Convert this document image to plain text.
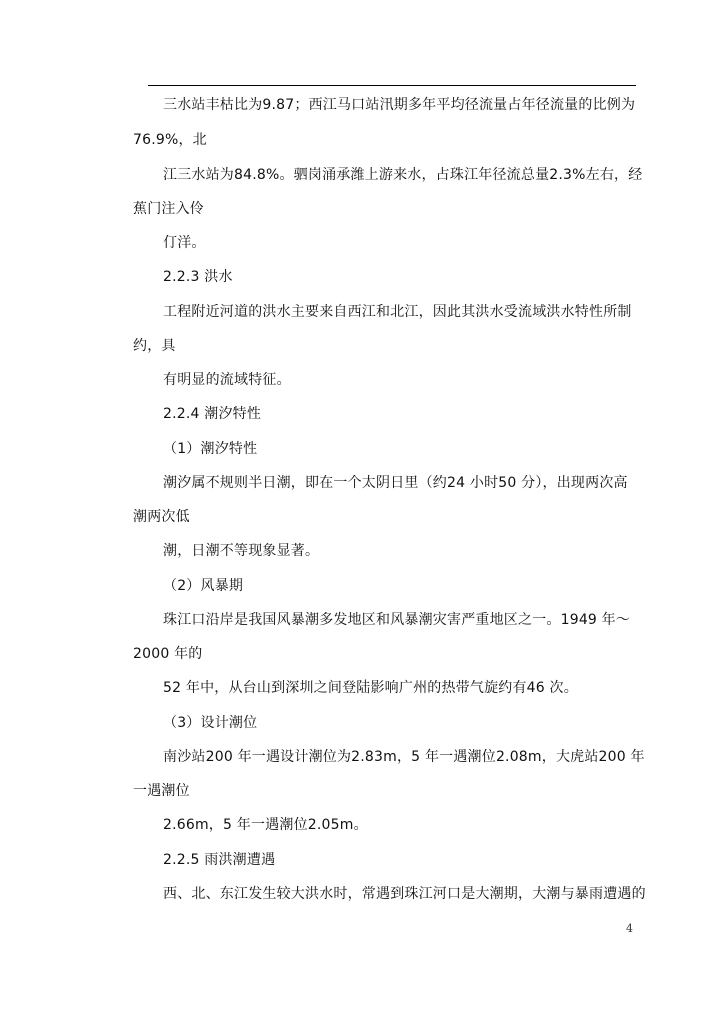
三水站丰枯比为9.87；西江马口站汛期多年平均径流量占年径流量的比例为
76.9%，北
江三水站为84.8%。驷岗涌承潍上游来水，占珠江年径流总量2.3%左右，经
蕉门注入伶
仃洋。
2.2.3 洪水
工程附近河道的洪水主要来自西江和北江，因此其洪水受流域洪水特性所制
约，具
有明显的流域特征。
2.2.4 潮汐特性
（1）潮汐特性
潮汐属不规则半日潮，即在一个太阴日里（约24 小时50 分），出现两次高
潮两次低
潮，日潮不等现象显著。
（2）风暴期
珠江口沿岸是我国风暴潮多发地区和风暴潮灾害严重地区之一。1949 年～
2000 年的
52 年中，从台山到深圳之间登陆影响广州的热带气旋约有46 次。
（3）设计潮位
南沙站200 年一遇设计潮位为2.83m，5 年一遇潮位2.08m，大虎站200 年
一遇潮位
2.66m，5 年一遇潮位2.05m。
2.2.5 雨洪潮遭遇
西、北、东江发生较大洪水时，常遇到珠江河口是大潮期，大潮与暴雨遭遇的
4
